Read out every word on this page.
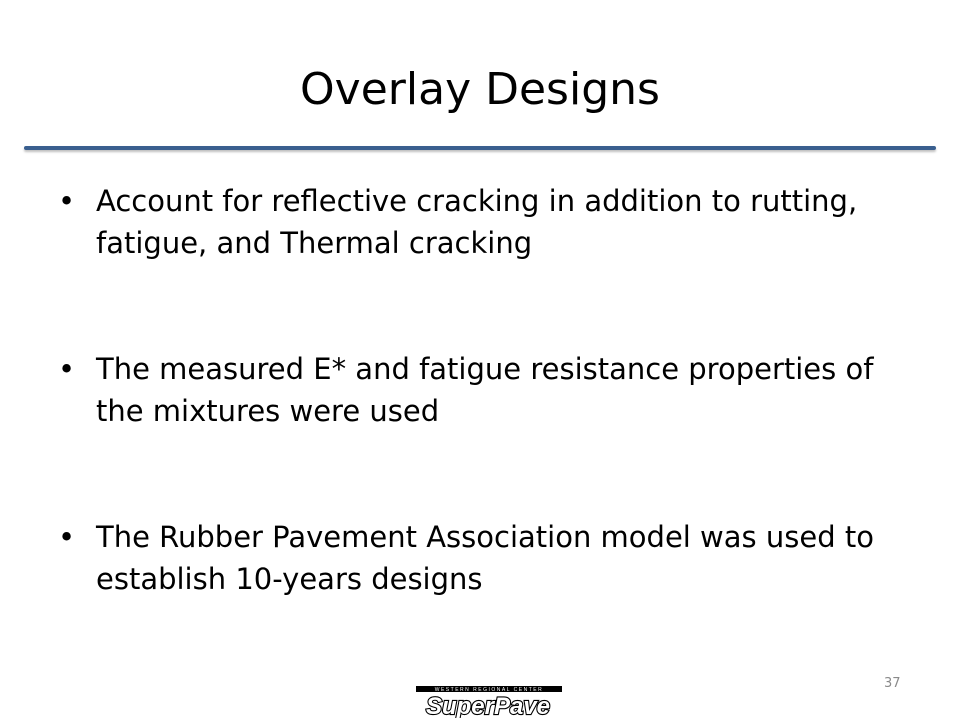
Overlay Designs
• Account for reflective cracking in addition to rutting, fatigue, and Thermal cracking
• The measured E* and fatigue resistance properties of the mixtures were used
• The Rubber Pavement Association model was used to establish 10-years designs
37
WESTERN REGIONAL CENTER
SuperPave
